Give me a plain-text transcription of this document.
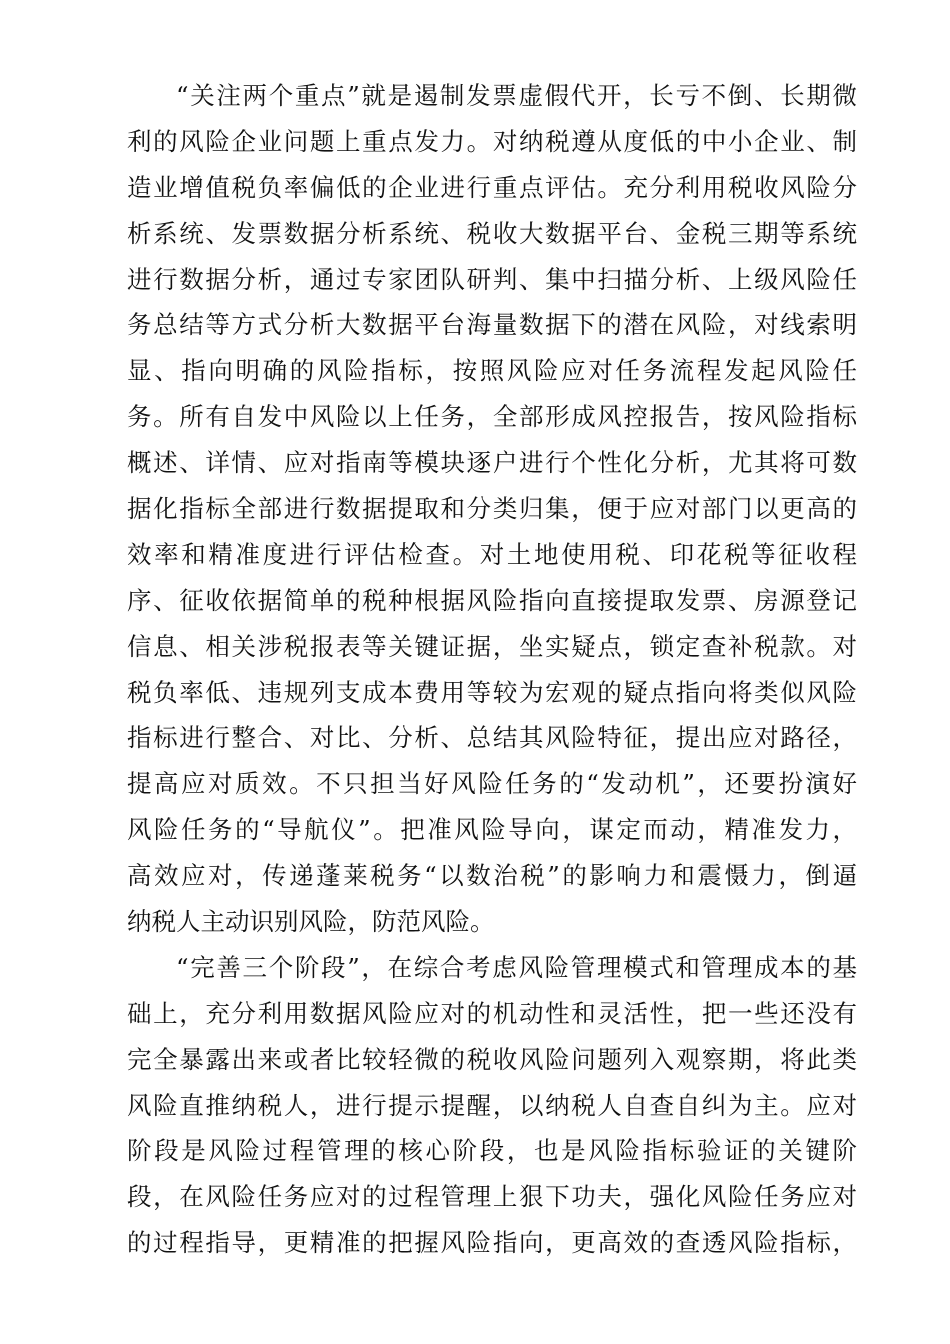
“关注两个重点”就是遏制发票虚假代开，长亏不倒、长期微
利的风险企业问题上重点发力。对纳税遵从度低的中小企业、制
造业增值税负率偏低的企业进行重点评估。充分利用税收风险分
析系统、发票数据分析系统、税收大数据平台、金税三期等系统
进行数据分析，通过专家团队研判、集中扫描分析、上级风险任
务总结等方式分析大数据平台海量数据下的潜在风险，对线索明
显、指向明确的风险指标，按照风险应对任务流程发起风险任
务。所有自发中风险以上任务，全部形成风控报告，按风险指标
概述、详情、应对指南等模块逐户进行个性化分析，尤其将可数
据化指标全部进行数据提取和分类归集，便于应对部门以更高的
效率和精准度进行评估检查。对土地使用税、印花税等征收程
序、征收依据简单的税种根据风险指向直接提取发票、房源登记
信息、相关涉税报表等关键证据，坐实疑点，锁定查补税款。对
税负率低、违规列支成本费用等较为宏观的疑点指向将类似风险
指标进行整合、对比、分析、总结其风险特征，提出应对路径，
提高应对质效。不只担当好风险任务的“发动机”，还要扮演好
风险任务的“导航仪”。把准风险导向，谋定而动，精准发力，
高效应对，传递蓬莱税务“以数治税”的影响力和震慑力，倒逼
纳税人主动识别风险，防范风险。
“完善三个阶段”，在综合考虑风险管理模式和管理成本的基
础上，充分利用数据风险应对的机动性和灵活性，把一些还没有
完全暴露出来或者比较轻微的税收风险问题列入观察期，将此类
风险直推纳税人，进行提示提醒，以纳税人自查自纠为主。应对
阶段是风险过程管理的核心阶段，也是风险指标验证的关键阶
段，在风险任务应对的过程管理上狠下功夫，强化风险任务应对
的过程指导，更精准的把握风险指向，更高效的查透风险指标，
